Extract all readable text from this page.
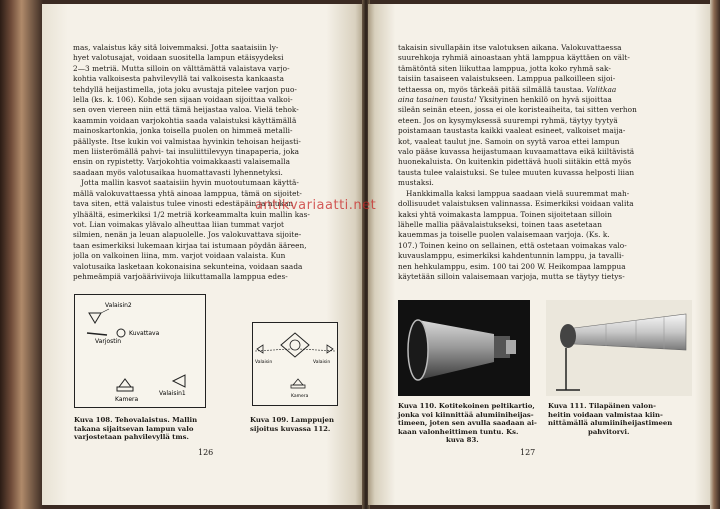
mas, valaistus käy sitä loivemmaksi. Jotta saataisiin ly-
hyet valotusajat, voidaan suositella lampun etäisyydeksi
2—3 metriä. Mutta silloin on välttämättä valaistava varjo-
kohtia valkoisesta pahvilevyllä tai valkoisesta kankaasta
tehdyllä heijastimella, jota joku avustaja pitelee varjon puo-
lella (ks. k. 106). Kohde sen sijaan voidaan sijoittaa valkoi-
sen oven viereen niin että tämä heijastaa valoa. Vielä tehok-
kaammin voidaan varjokohtia saada valaistuksi käyttämällä
mainoskartonkia, jonka toisella puolen on himmeä metalli-
päällyste. Itse kukin voi valmistaa hyvinkin tehoisan heijasti-
men liisterömällä pahvi- tai insuliittilevyyn tinapaperia, joka
ensin on rypistetty. Varjokohtia voimakkaasti valaisemalla
saadaan myös valotusaikaa huomattavasti lyhennetyksi.
Jotta mallin kasvot saataisiin hyvin muotoutumaan käyttä-
mällä valokuvattaessa yhtä ainoaa lamppua, tämä on sijoitet-
tava siten, että valaistus tulee vinosti edestäpäin ja hiukan
ylhäältä, esimerkiksi 1/2 metriä korkeammalta kuin mallin kas-
vot. Lian voimakas ylävalo alheuttaa liian tummat varjot
silmien, nenän ja leuan alapuolelle. Jos valokuvattava sijoite-
taan esimerkiksi lukemaan kirjaa tai istumaan pöydän ääreen,
jolla on valkoinen liina, mm. varjot voidaan valaista. Kun
valotusaika lasketaan kokonaisina sekunteina, voidaan saada
pehmeämpiä varjoääriviivoja liikuttamalla lamppua edes-
Valaisin2
Varjostin
Kuvattava
Valaisin1
Kamera
Kuva 108. Tehovalaistus. Mallin
takana sijaitsevan lampun valo
varjostetaan pahvilevyllä tms.
Valaisin	Valaisin
Kamera
Kuva 109. Lamppujen
sijoitus kuvassa 112.
126
takaisin sivullapäin itse valotuksen aikana. Valokuvattaessa
suurehkoja ryhmiä ainoastaan yhtä lamppua käyttäen on vält-
tämätöntä siten liikuttaa lamppua, jotta koko ryhmä sak-
taisiin tasaiseen valaistukseen. Lamppua palkoilleen sijoi-
tettaessa on, myös tärkeää pitää silmällä taustaa. Valitkaa
aina tasainen tausta! Yksityinen henkilö on hyvä sijoittaa
sileän seinän eteen, jossa ei ole koristeaiheita, tai sitten verhon
eteen. Jos on kysymyksessä suurempi ryhmä, täytyy tyytyä
poistamaan taustasta kaikki vaaleat esineet, valkoiset maija-
kot, vaaleat taulut jne. Samoin on syytä varoa ettei lampun
valo pääse kuvassa heijastumaan kuvaamattava eikä kiiltävistä
huonekaluista. On kuitenkin pidettävä huoli siitäkin että myös
tausta tulee valaistuksi. Se tulee muuten kuvassa helposti liian
mustaksi.
Hankkimalla kaksi lamppua saadaan vielä suuremmat mah-
dollisuudet valaistuksen valinnassa. Esimerkiksi voidaan valita
kaksi yhtä voimakasta lamppua. Toinen sijoitetaan silloin
lähelle mallia päävalaistukseksi, toinen taas asetetaan
kauemmas ja toiselle puolen valaisemaan varjoja. (Ks. k.
107.) Toinen keino on sellainen, että ostetaan voimakas valo-
kuvauslamppu, esimerkiksi kahdentunnin lamppu, ja tavalli-
nen hehkulamppu, esim. 100 tai 200 W. Heikompaa lamppua
käytetään silloin valaisemaan varjoja, mutta se täytyy tietys-
Kuva 110. Kotitekoinen peltikartio,
jonka voi kiinnittää alumiiniheijas-
timeen, joten sen avulla saadaan ai-
kaan valonheittimen tuntu. Ks.
kuva 83.
Kuva 111. Tilapäinen valon-
heitin voidaan valmistaa kiin-
nittämällä alumiiniheijastimeen
pahvitorvi.
127
antikvariaatti.net
